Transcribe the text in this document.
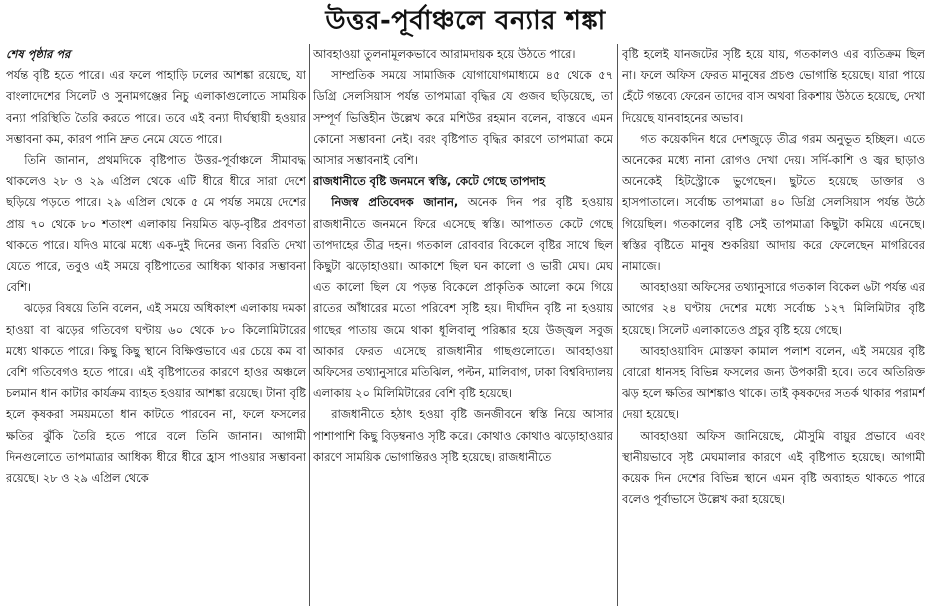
উত্তর-পূর্বাঞ্চলে বন্যার শঙ্কা

শেষ পৃষ্ঠার পর

পর্যন্ত বৃষ্টি হতে পারে। এর ফলে পাহাড়ি ঢলের আশঙ্কা রয়েছে, যা বাংলাদেশের সিলেট ও সুনামগঞ্জের নিচু এলাকাগুলোতে সাময়িক বন্যা পরিস্থিতি তৈরি করতে পারে। তবে এই বন্যা দীর্ঘস্থায়ী হওয়ার সম্ভাবনা কম, কারণ পানি দ্রুত নেমে যেতে পারে।

তিনি জানান, প্রথমদিকে বৃষ্টিপাত উত্তর-পূর্বাঞ্চলে সীমাবদ্ধ থাকলেও ২৮ ও ২৯ এপ্রিল থেকে এটি ধীরে ধীরে সারা দেশে ছড়িয়ে পড়তে পারে। ২৯ এপ্রিল থেকে ৫ মে পর্যন্ত সময়ে দেশের প্রায় ৭০ থেকে ৮০ শতাংশ এলাকায় নিয়মিত ঝড়-বৃষ্টির প্রবণতা থাকতে পারে। যদিও মাঝে মধ্যে এক-দুই দিনের জন্য বিরতি দেখা যেতে পারে, তবুও এই সময়ে বৃষ্টিপাতের আধিক্য থাকার সম্ভাবনা বেশি।

ঝড়ের বিষয়ে তিনি বলেন, এই সময়ে অধিকাংশ এলাকায় দমকা হাওয়া বা ঝড়ের গতিবেগ ঘণ্টায় ৬০ থেকে ৮০ কিলোমিটারের মধ্যে থাকতে পারে। কিছু কিছু স্থানে বিক্ষিপ্তভাবে এর চেয়ে কম বা বেশি গতিবেগও হতে পারে। এই বৃষ্টিপাতের কারণে হাওর অঞ্চলে চলমান ধান কাটার কার্যক্রম ব্যাহত হওয়ার আশঙ্কা রয়েছে। টানা বৃষ্টি হলে কৃষকরা সময়মতো ধান কাটতে পারবেন না, ফলে ফসলের ক্ষতির ঝুঁকি তৈরি হতে পারে বলে তিনি জানান। আগামী দিনগুলোতে তাপমাত্রার আধিক্য ধীরে ধীরে হ্রাস পাওয়ার সম্ভাবনা রয়েছে। ২৮ ও ২৯ এপ্রিল থেকে

আবহাওয়া তুলনামূলকভাবে আরামদায়ক হয়ে উঠতে পারে।

সাম্প্রতিক সময়ে সামাজিক যোগাযোগমাধ্যমে ৪৫ থেকে ৫৭ ডিগ্রি সেলসিয়াস পর্যন্ত তাপমাত্রা বৃদ্ধির যে গুজব ছড়িয়েছে, তা সম্পূর্ণ ভিত্তিহীন উল্লেখ করে মশিউর রহমান বলেন, বাস্তবে এমন কোনো সম্ভাবনা নেই। বরং বৃষ্টিপাত বৃদ্ধির কারণে তাপমাত্রা কমে আসার সম্ভাবনাই বেশি।

রাজধানীতে বৃষ্টি জনমনে স্বস্তি, কেটে গেছে তাপদাহ

নিজস্ব প্রতিবেদক জানান, অনেক দিন পর বৃষ্টি হওয়ায় রাজধানীতে জনমনে ফিরে এসেছে স্বস্তি। আপাতত কেটে গেছে তাপদাহের তীব্র দহন। গতকাল রোববার বিকেলে বৃষ্টির সাথে ছিল কিছুটা ঝড়োহাওয়া। আকাশে ছিল ঘন কালো ও ভারী মেঘ। মেঘ এত কালো ছিল যে পড়ন্ত বিকেলে প্রাকৃতিক আলো কমে গিয়ে রাতের আঁধারের মতো পরিবেশ সৃষ্টি হয়। দীর্ঘদিন বৃষ্টি না হওয়ায় গাছের পাতায় জমে থাকা ধূলিবালু পরিষ্কার হয়ে উজ্জ্বল সবুজ আকার ফেরত এসেছে রাজধানীর গাছগুলোতে। আবহাওয়া অফিসের তথ্যানুসারে মতিঝিল, পল্টন, মালিবাগ, ঢাকা বিশ্ববিদ্যালয় এলাকায় ২০ মিলিমিটারের বেশি বৃষ্টি হয়েছে।

রাজধানীতে হঠাৎ হওয়া বৃষ্টি জনজীবনে স্বস্তি নিয়ে আসার পাশাপাশি কিছু বিড়ম্বনাও সৃষ্টি করে। কোথাও কোথাও ঝড়োহাওয়ার কারণে সাময়িক ভোগান্তিরও সৃষ্টি হয়েছে। রাজধানীতে

বৃষ্টি হলেই যানজটের সৃষ্টি হয়ে যায়, গতকালও এর ব্যতিক্রম ছিল না। ফলে অফিস ফেরত মানুষের প্রচণ্ড ভোগান্তি হয়েছে। যারা পায়ে হেঁটে গন্তব্যে ফেরেন তাদের বাস অথবা রিকশায় উঠতে হয়েছে, দেখা দিয়েছে যানবাহনের অভাব।

গত কয়েকদিন ধরে দেশজুড়ে তীব্র গরম অনুভূত হচ্ছিল। এতে অনেকের মধ্যে নানা রোগও দেখা দেয়। সর্দি-কাশি ও জ্বর ছাড়াও অনেকেই হিটস্ট্রোকে ভুগেছেন। ছুটতে হয়েছে ডাক্তার ও হাসপাতালে। সর্বোচ্চ তাপমাত্রা ৪০ ডিগ্রি সেলসিয়াস পর্যন্ত উঠে গিয়েছিল। গতকালের বৃষ্টি সেই তাপমাত্রা কিছুটা কমিয়ে এনেছে। স্বস্তির বৃষ্টিতে মানুষ শুকরিয়া আদায় করে ফেলেছেন মাগরিবের নামাজে।

আবহাওয়া অফিসের তথ্যানুসারে গতকাল বিকেল ৬টা পর্যন্ত এর আগের ২৪ ঘণ্টায় দেশের মধ্যে সর্বোচ্চ ১২৭ মিলিমিটার বৃষ্টি হয়েছে। সিলেট এলাকাতেও প্রচুর বৃষ্টি হয়ে গেছে।

আবহাওয়াবিদ মোস্তফা কামাল পলাশ বলেন, এই সময়ের বৃষ্টি বোরো ধানসহ বিভিন্ন ফসলের জন্য উপকারী হবে। তবে অতিরিক্ত ঝড় হলে ক্ষতির আশঙ্কাও থাকে। তাই কৃষকদের সতর্ক থাকার পরামর্শ দেয়া হয়েছে।

আবহাওয়া অফিস জানিয়েছে, মৌসুমি বায়ুর প্রভাবে এবং স্থানীয়ভাবে সৃষ্ট মেঘমালার কারণে এই বৃষ্টিপাত হয়েছে। আগামী কয়েক দিন দেশের বিভিন্ন স্থানে এমন বৃষ্টি অব্যাহত থাকতে পারে বলেও পূর্বাভাসে উল্লেখ করা হয়েছে।
